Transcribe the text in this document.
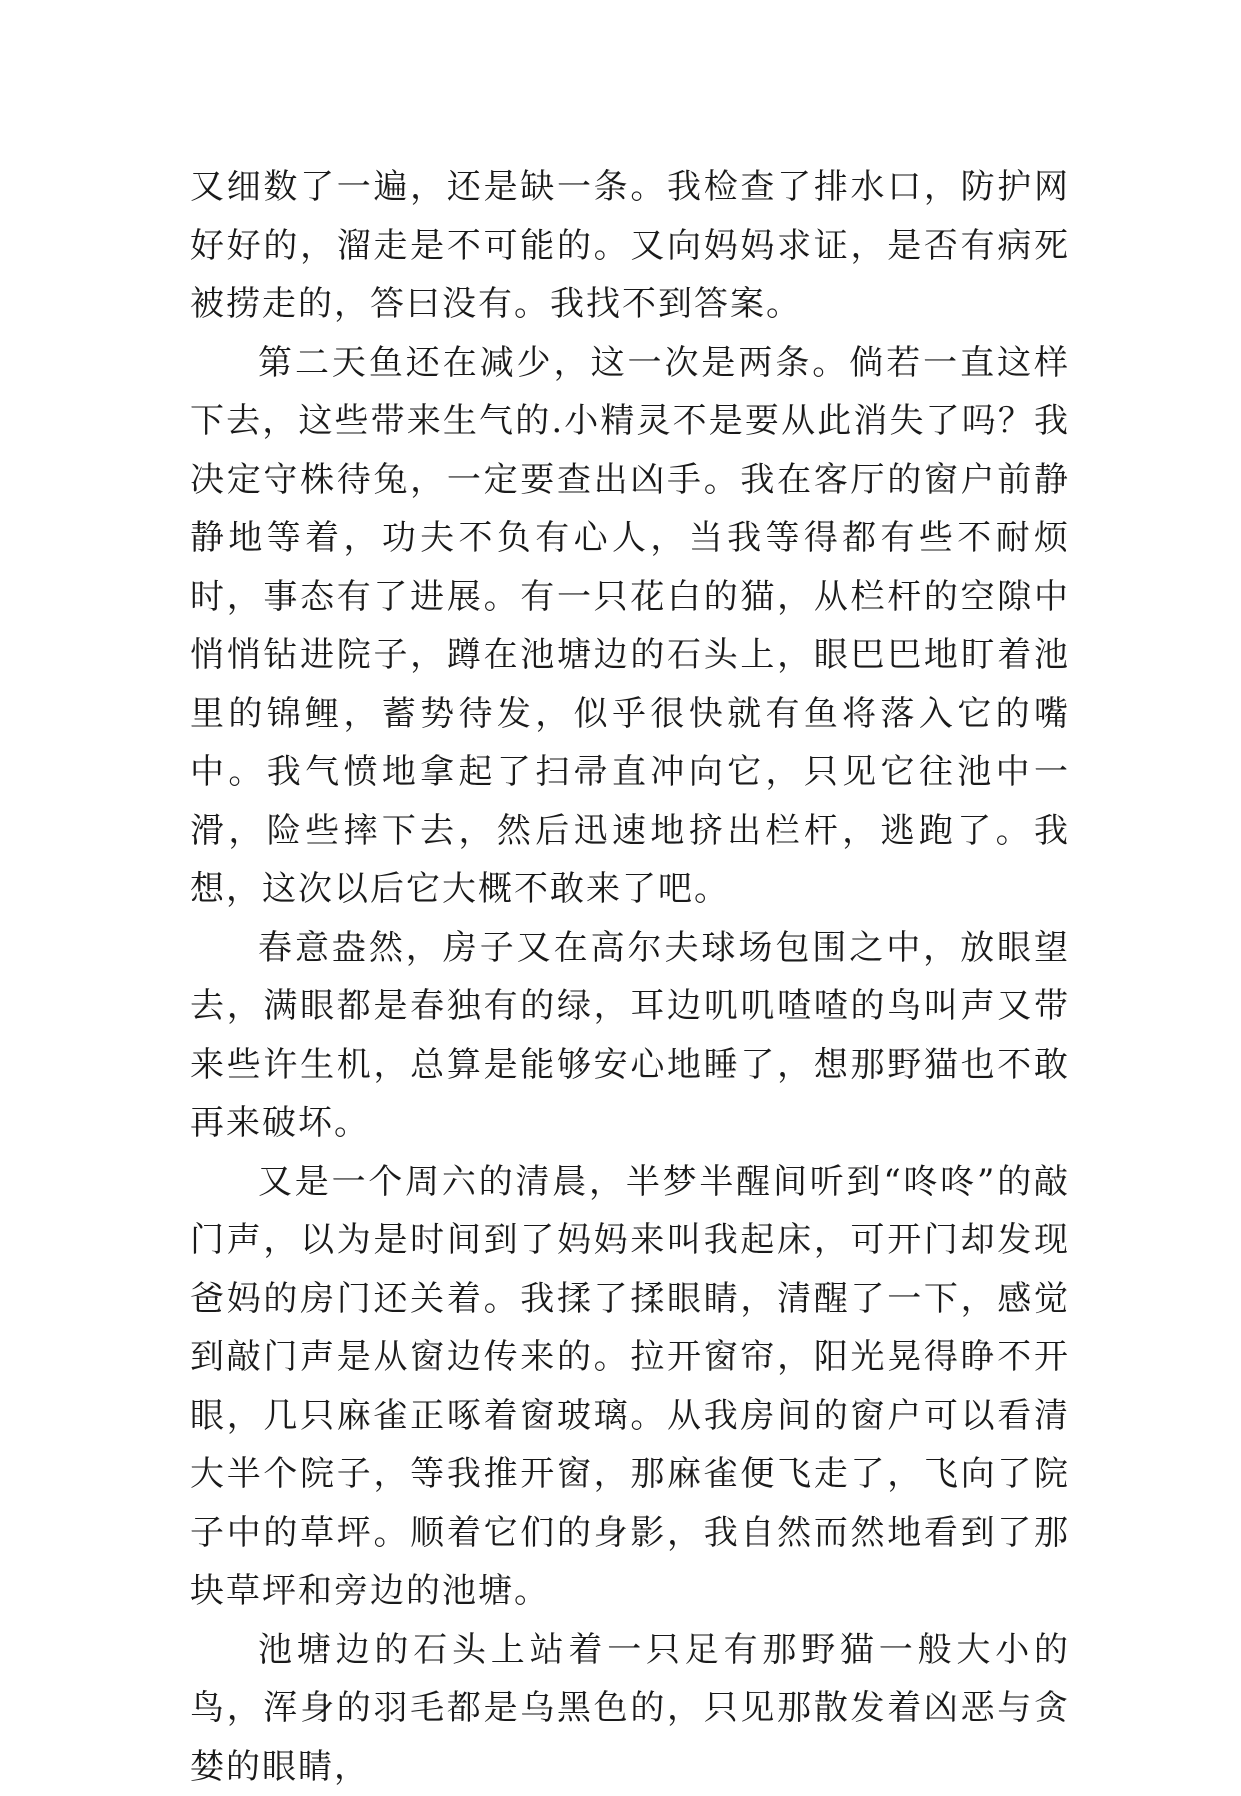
又细数了一遍，还是缺一条。我检查了排水口，防护网好好的，溜走是不可能的。又向妈妈求证，是否有病死被捞走的，答曰没有。我找不到答案。

第二天鱼还在减少，这一次是两条。倘若一直这样下去，这些带来生气的.小精灵不是要从此消失了吗？我决定守株待兔，一定要查出凶手。我在客厅的窗户前静静地等着，功夫不负有心人，当我等得都有些不耐烦时，事态有了进展。有一只花白的猫，从栏杆的空隙中悄悄钻进院子，蹲在池塘边的石头上，眼巴巴地盯着池里的锦鲤，蓄势待发，似乎很快就有鱼将落入它的嘴中。我气愤地拿起了扫帚直冲向它，只见它往池中一滑，险些摔下去，然后迅速地挤出栏杆，逃跑了。我想，这次以后它大概不敢来了吧。

春意盎然，房子又在高尔夫球场包围之中，放眼望去，满眼都是春独有的绿，耳边叽叽喳喳的鸟叫声又带来些许生机，总算是能够安心地睡了，想那野猫也不敢再来破坏。

又是一个周六的清晨，半梦半醒间听到“咚咚”的敲门声，以为是时间到了妈妈来叫我起床，可开门却发现爸妈的房门还关着。我揉了揉眼睛，清醒了一下，感觉到敲门声是从窗边传来的。拉开窗帘，阳光晃得睁不开眼，几只麻雀正啄着窗玻璃。从我房间的窗户可以看清大半个院子，等我推开窗，那麻雀便飞走了，飞向了院子中的草坪。顺着它们的身影，我自然而然地看到了那块草坪和旁边的池塘。

池塘边的石头上站着一只足有那野猫一般大小的鸟，浑身的羽毛都是乌黑色的，只见那散发着凶恶与贪婪的眼睛，
